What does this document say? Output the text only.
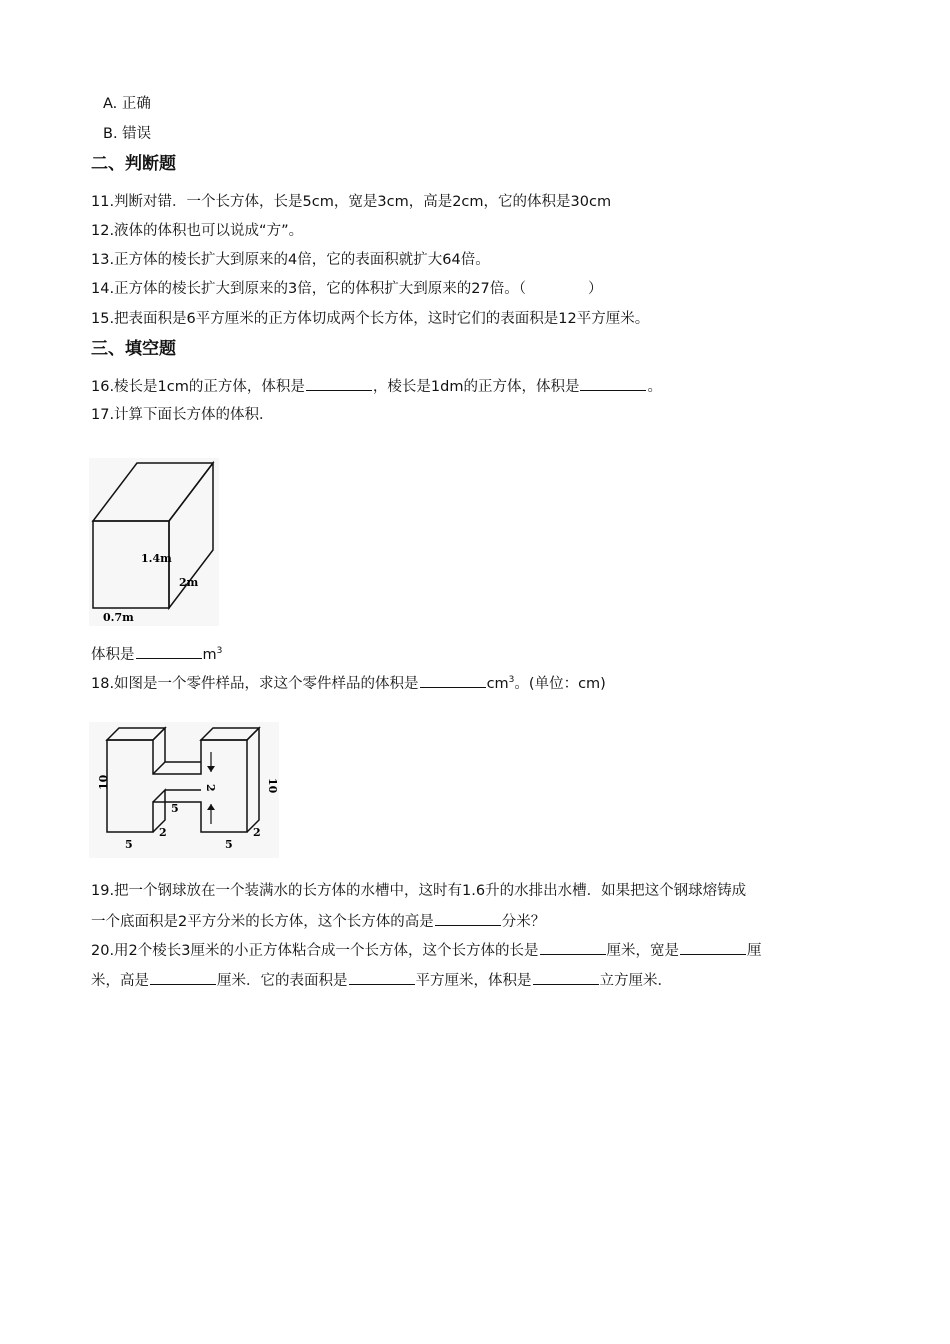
A. 正确
B. 错误
二、判断题
11.判断对错．一个长方体，长是5cm，宽是3cm，高是2cm，它的体积是30cm
12.液体的体积也可以说成“方”。
13.正方体的棱长扩大到原来的4倍，它的表面积就扩大64倍。
14.正方体的棱长扩大到原来的3倍，它的体积扩大到原来的27倍。（	）
15.把表面积是6平方厘米的正方体切成两个长方体，这时它们的表面积是12平方厘米。
三、填空题
16.棱长是1cm的正方体，体积是	，棱长是1dm的正方体，体积是	。
17.计算下面长方体的体积．
1.4m
2m
0.7m
体积是	$m^3$
18.如图是一个零件样品，求这个零件样品的体积是	$cm^3$。(单位：cm)
10	10
2
5
2	2
5	5
19.把一个钢球放在一个装满水的长方体的水槽中，这时有1.6升的水排出水槽．如果把这个钢球熔铸成
一个底面积是2平方分米的长方体，这个长方体的高是	分米？
20.用2个棱长3厘米的小正方体粘合成一个长方体，这个长方体的长是	厘米，宽是	厘
米，高是	厘米．它的表面积是	平方厘米，体积是	立方厘米．
